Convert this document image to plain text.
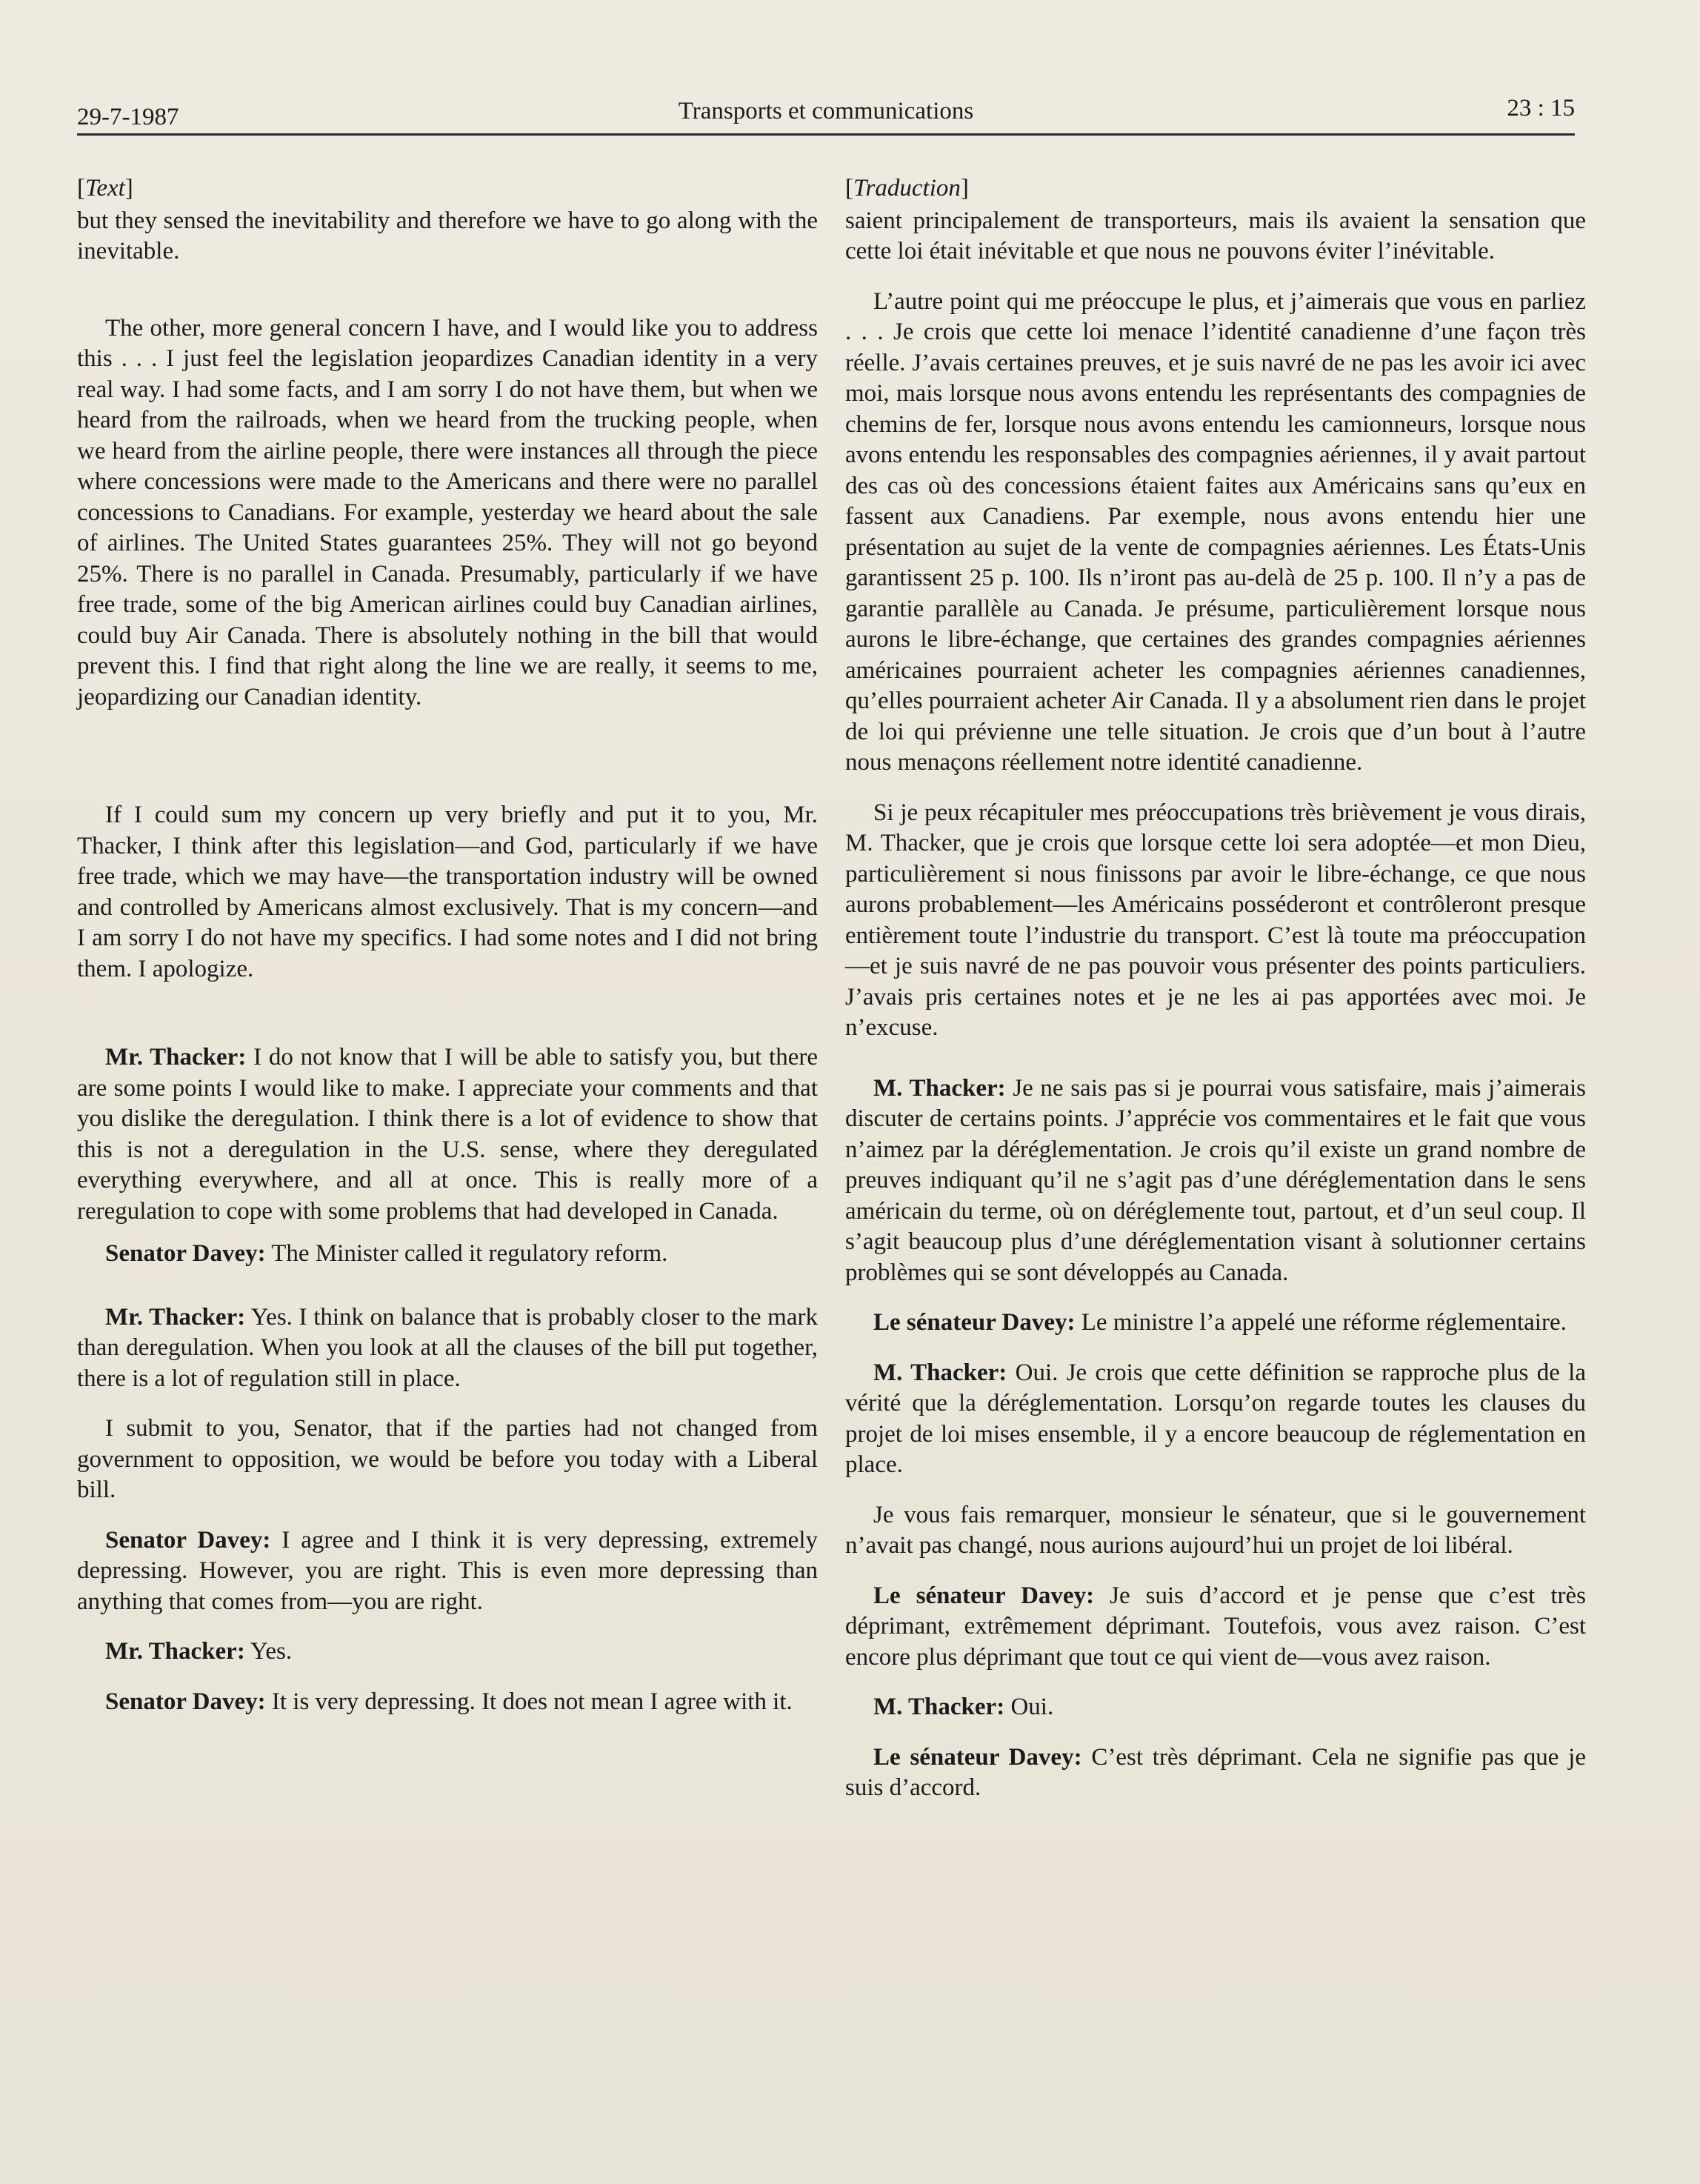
29-7-1987	Transports et communications	23 : 15
[Text]

but they sensed the inevitability and therefore we have to go along with the inevitable.

The other, more general concern I have, and I would like you to address this . . . I just feel the legislation jeopardizes Canadian identity in a very real way. I had some facts, and I am sorry I do not have them, but when we heard from the railroads, when we heard from the trucking people, when we heard from the airline people, there were instances all through the piece where concessions were made to the Americans and there were no parallel concessions to Canadians. For example, yesterday we heard about the sale of airlines. The United States guarantees 25%. They will not go beyond 25%. There is no parallel in Canada. Presumably, particularly if we have free trade, some of the big American airlines could buy Canadian airlines, could buy Air Canada. There is absolutely nothing in the bill that would prevent this. I find that right along the line we are really, it seems to me, jeopardizing our Canadian identity.

If I could sum my concern up very briefly and put it to you, Mr. Thacker, I think after this legislation—and God, particularly if we have free trade, which we may have—the transportation industry will be owned and controlled by Americans almost exclusively. That is my concern—and I am sorry I do not have my specifics. I had some notes and I did not bring them. I apologize.

Mr. Thacker: I do not know that I will be able to satisfy you, but there are some points I would like to make. I appreciate your comments and that you dislike the deregulation. I think there is a lot of evidence to show that this is not a deregulation in the U.S. sense, where they deregulated everything everywhere, and all at once. This is really more of a reregulation to cope with some problems that had developed in Canada.

Senator Davey: The Minister called it regulatory reform.

Mr. Thacker: Yes. I think on balance that is probably closer to the mark than deregulation. When you look at all the clauses of the bill put together, there is a lot of regulation still in place.

I submit to you, Senator, that if the parties had not changed from government to opposition, we would be before you today with a Liberal bill.

Senator Davey: I agree and I think it is very depressing, extremely depressing. However, you are right. This is even more depressing than anything that comes from—you are right.

Mr. Thacker: Yes.

Senator Davey: It is very depressing. It does not mean I agree with it.

[Traduction]

saient principalement de transporteurs, mais ils avaient la sensation que cette loi était inévitable et que nous ne pouvons éviter l’inévitable.

L’autre point qui me préoccupe le plus, et j’aimerais que vous en parliez . . . Je crois que cette loi menace l’identité canadienne d’une façon très réelle. J’avais certaines preuves, et je suis navré de ne pas les avoir ici avec moi, mais lorsque nous avons entendu les représentants des compagnies de chemins de fer, lorsque nous avons entendu les camionneurs, lorsque nous avons entendu les responsables des compagnies aériennes, il y avait partout des cas où des concessions étaient faites aux Américains sans qu’eux en fassent aux Canadiens. Par exemple, nous avons entendu hier une présentation au sujet de la vente de compagnies aériennes. Les États-Unis garantissent 25 p. 100. Ils n’iront pas au-delà de 25 p. 100. Il n’y a pas de garantie parallèle au Canada. Je présume, particulièrement lorsque nous aurons le libre-échange, que certaines des grandes compagnies aériennes américaines pourraient acheter les compagnies aériennes canadiennes, qu’elles pourraient acheter Air Canada. Il y a absolument rien dans le projet de loi qui prévienne une telle situation. Je crois que d’un bout à l’autre nous menaçons réellement notre identité canadienne.

Si je peux récapituler mes préoccupations très brièvement je vous dirais, M. Thacker, que je crois que lorsque cette loi sera adoptée—et mon Dieu, particulièrement si nous finissons par avoir le libre-échange, ce que nous aurons probablement—les Américains posséderont et contrôleront presque entièrement toute l’industrie du transport. C’est là toute ma préoccupation—et je suis navré de ne pas pouvoir vous présenter des points particuliers. J’avais pris certaines notes et je ne les ai pas apportées avec moi. Je n’excuse.

M. Thacker: Je ne sais pas si je pourrai vous satisfaire, mais j’aimerais discuter de certains points. J’apprécie vos commentaires et le fait que vous n’aimez par la déréglementation. Je crois qu’il existe un grand nombre de preuves indiquant qu’il ne s’agit pas d’une déréglementation dans le sens américain du terme, où on déréglemente tout, partout, et d’un seul coup. Il s’agit beaucoup plus d’une déréglementation visant à solutionner certains problèmes qui se sont développés au Canada.

Le sénateur Davey: Le ministre l’a appelé une réforme réglementaire.

M. Thacker: Oui. Je crois que cette définition se rapproche plus de la vérité que la déréglementation. Lorsqu’on regarde toutes les clauses du projet de loi mises ensemble, il y a encore beaucoup de réglementation en place.

Je vous fais remarquer, monsieur le sénateur, que si le gouvernement n’avait pas changé, nous aurions aujourd’hui un projet de loi libéral.

Le sénateur Davey: Je suis d’accord et je pense que c’est très déprimant, extrêmement déprimant. Toutefois, vous avez raison. C’est encore plus déprimant que tout ce qui vient de—vous avez raison.

M. Thacker: Oui.

Le sénateur Davey: C’est très déprimant. Cela ne signifie pas que je suis d’accord.
